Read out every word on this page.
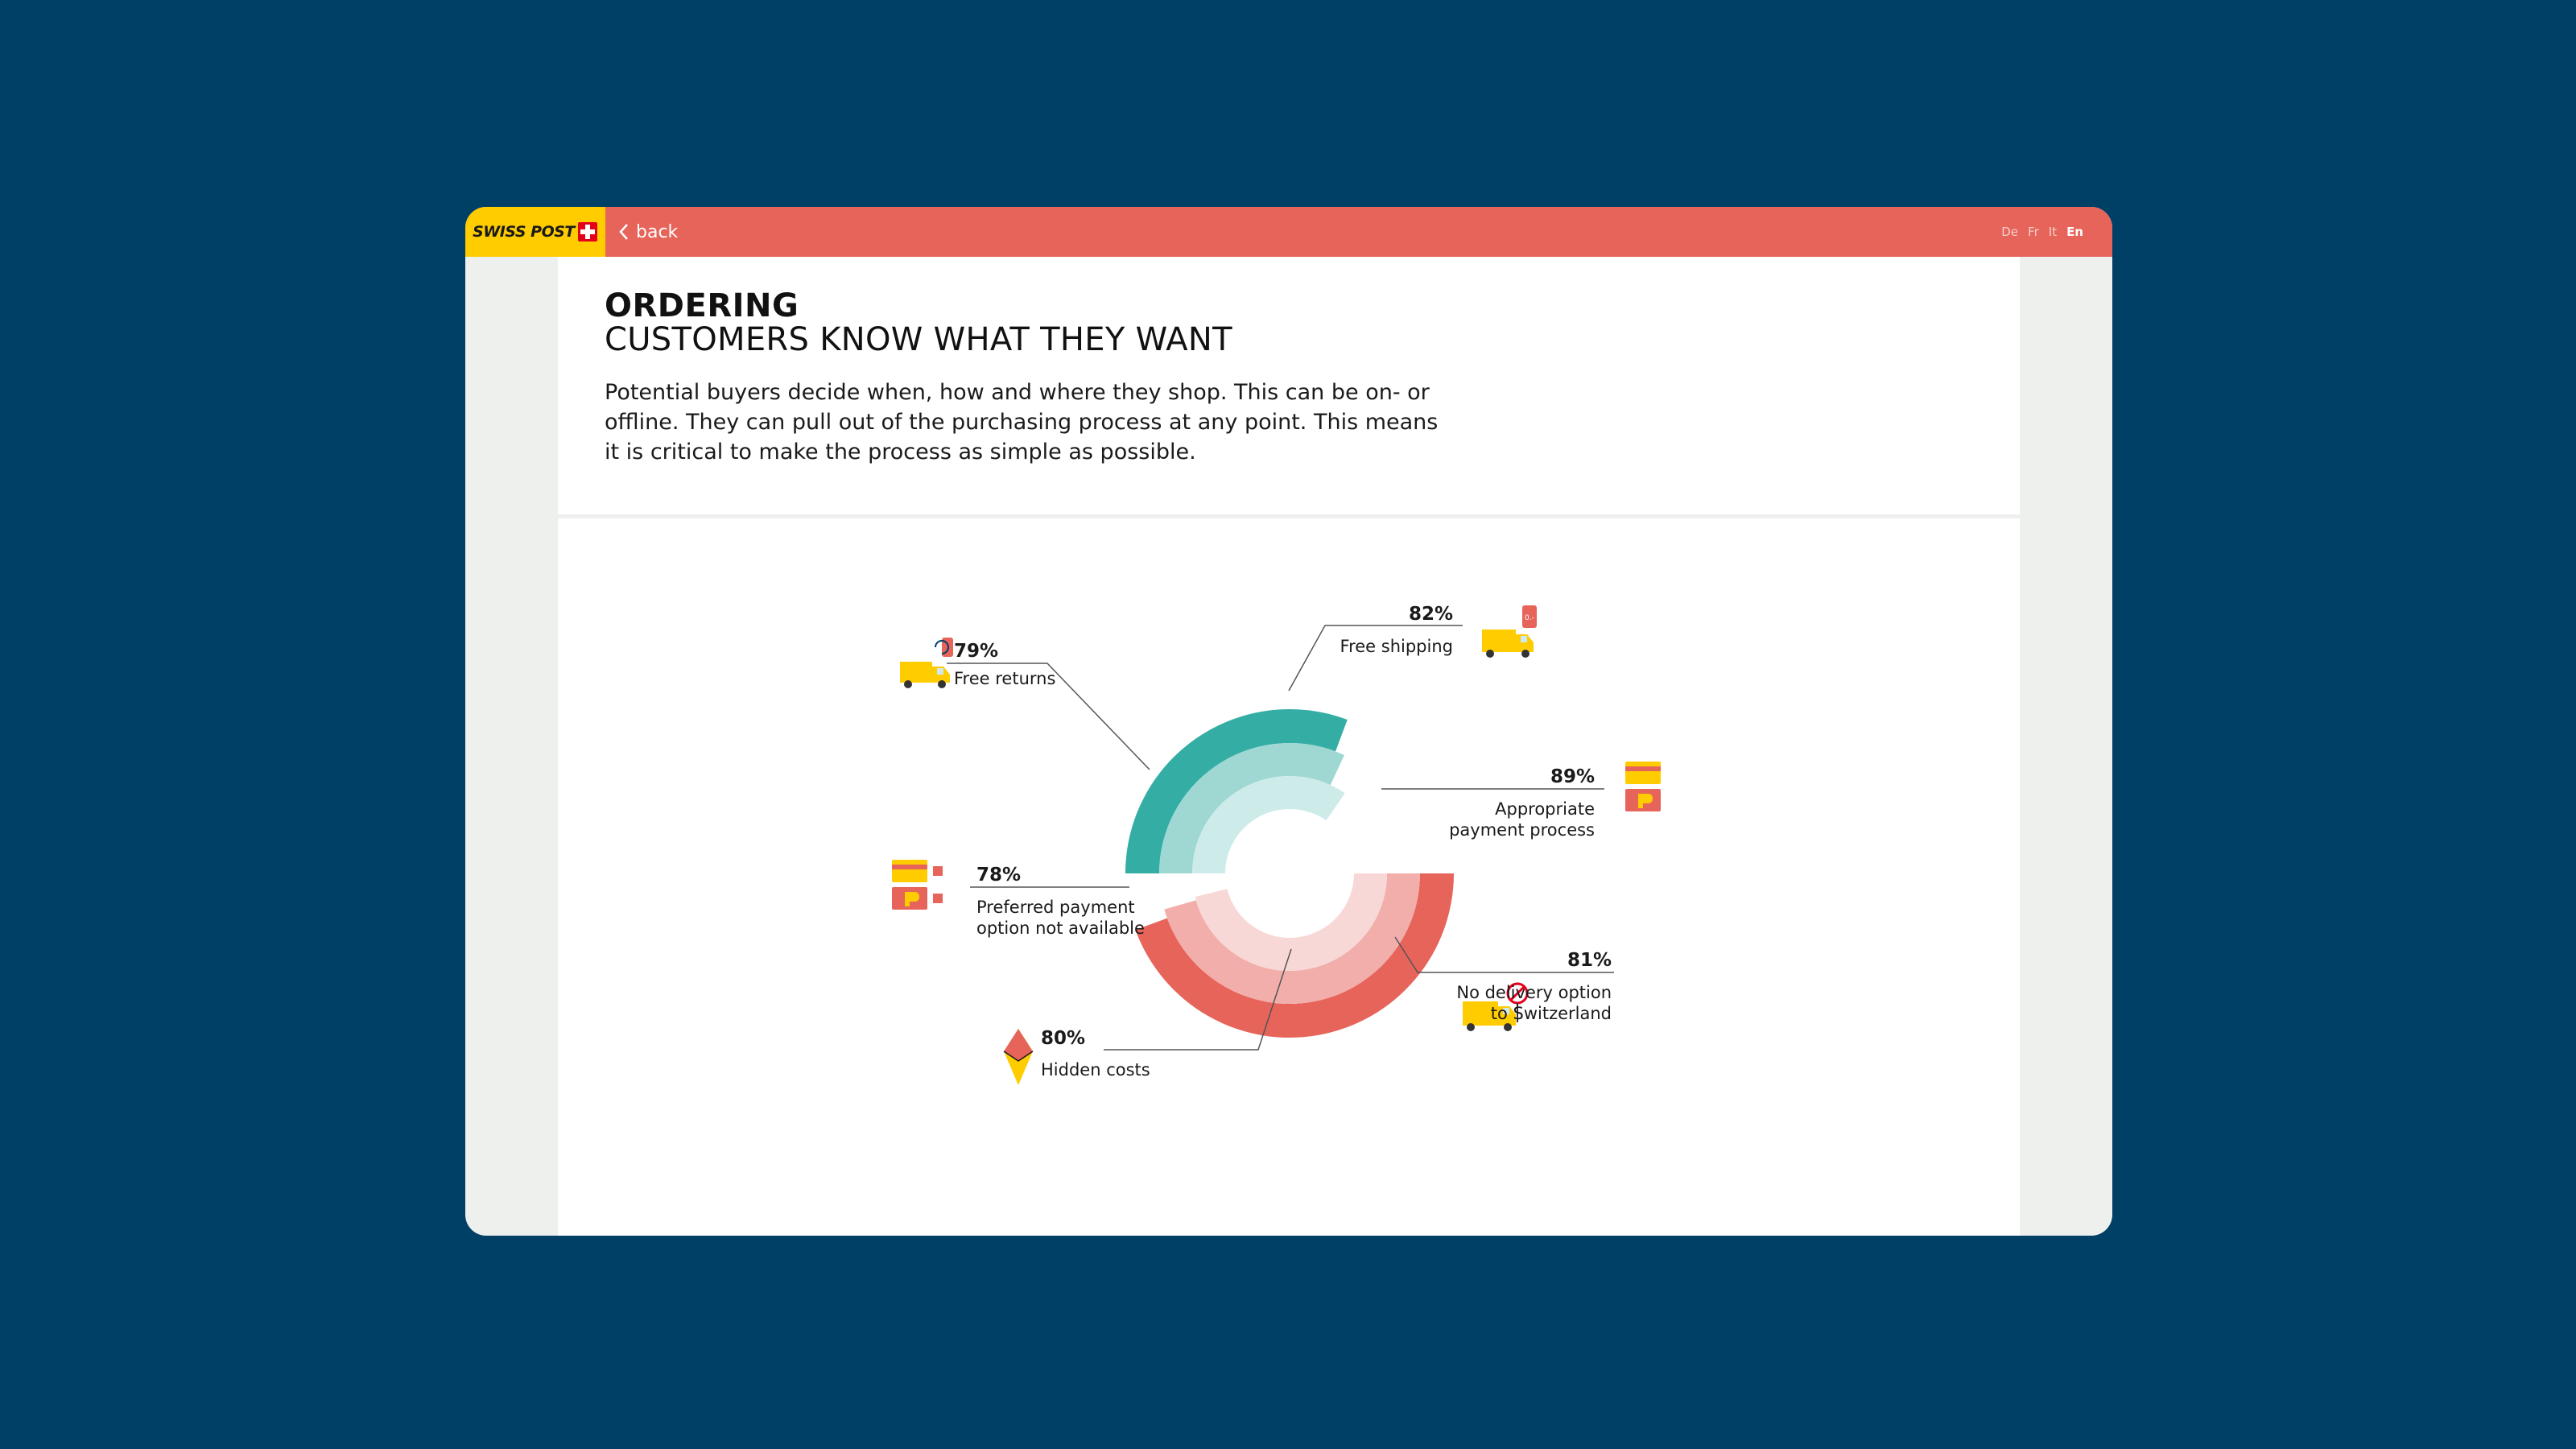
SWISS POST	back	De Fr It En
ORDERING
CUSTOMERS KNOW WHAT THEY WANT
Potential buyers decide when, how and where they shop. This can be on- or offline. They can pull out of the purchasing process at any point. This means it is critical to make the process as simple as possible.
0.-
79%
Free returns
82%
Free shipping
89%
Appropriate
payment process
78%
Preferred payment
option not available
80%
Hidden costs
81%
No delivery option
to Switzerland
